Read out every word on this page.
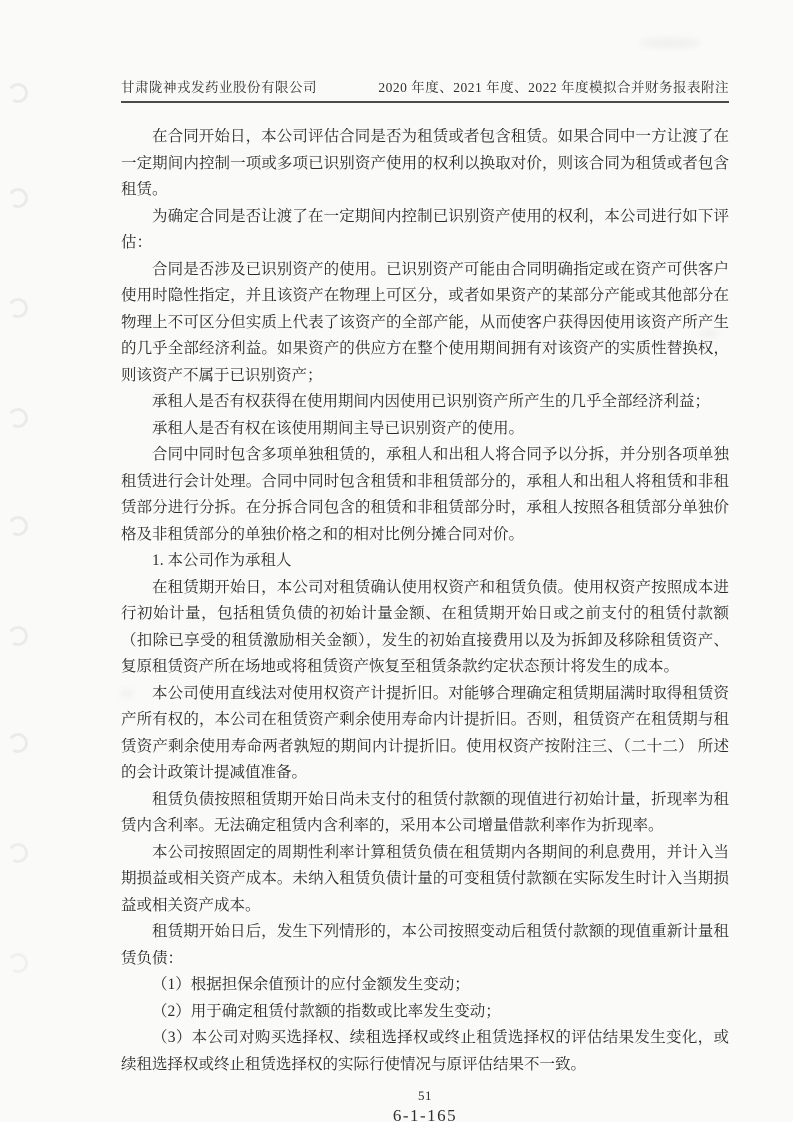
甘肃陇神戎发药业股份有限公司	2020 年度、2021 年度、2022 年度模拟合并财务报表附注

在合同开始日，本公司评估合同是否为租赁或者包含租赁。如果合同中一方让渡了在一定期间内控制一项或多项已识别资产使用的权利以换取对价，则该合同为租赁或者包含租赁。

为确定合同是否让渡了在一定期间内控制已识别资产使用的权利，本公司进行如下评估：

合同是否涉及已识别资产的使用。已识别资产可能由合同明确指定或在资产可供客户使用时隐性指定，并且该资产在物理上可区分，或者如果资产的某部分产能或其他部分在物理上不可区分但实质上代表了该资产的全部产能，从而使客户获得因使用该资产所产生的几乎全部经济利益。如果资产的供应方在整个使用期间拥有对该资产的实质性替换权，则该资产不属于已识别资产；

承租人是否有权获得在使用期间内因使用已识别资产所产生的几乎全部经济利益；

承租人是否有权在该使用期间主导已识别资产的使用。

合同中同时包含多项单独租赁的，承租人和出租人将合同予以分拆，并分别各项单独租赁进行会计处理。合同中同时包含租赁和非租赁部分的，承租人和出租人将租赁和非租赁部分进行分拆。在分拆合同包含的租赁和非租赁部分时，承租人按照各租赁部分单独价格及非租赁部分的单独价格之和的相对比例分摊合同对价。

1. 本公司作为承租人

在租赁期开始日，本公司对租赁确认使用权资产和租赁负债。使用权资产按照成本进行初始计量，包括租赁负债的初始计量金额、在租赁期开始日或之前支付的租赁付款额（扣除已享受的租赁激励相关金额），发生的初始直接费用以及为拆卸及移除租赁资产、复原租赁资产所在场地或将租赁资产恢复至租赁条款约定状态预计将发生的成本。

本公司使用直线法对使用权资产计提折旧。对能够合理确定租赁期届满时取得租赁资产所有权的，本公司在租赁资产剩余使用寿命内计提折旧。否则，租赁资产在租赁期与租赁资产剩余使用寿命两者孰短的期间内计提折旧。使用权资产按附注三、（二十二） 所述的会计政策计提减值准备。

租赁负债按照租赁期开始日尚未支付的租赁付款额的现值进行初始计量，折现率为租赁内含利率。无法确定租赁内含利率的，采用本公司增量借款利率作为折现率。

本公司按照固定的周期性利率计算租赁负债在租赁期内各期间的利息费用，并计入当期损益或相关资产成本。未纳入租赁负债计量的可变租赁付款额在实际发生时计入当期损益或相关资产成本。

租赁期开始日后，发生下列情形的，本公司按照变动后租赁付款额的现值重新计量租赁负债：

（1）根据担保余值预计的应付金额发生变动；

（2）用于确定租赁付款额的指数或比率发生变动；

（3）本公司对购买选择权、续租选择权或终止租赁选择权的评估结果发生变化，或续租选择权或终止租赁选择权的实际行使情况与原评估结果不一致。

51
6-1-165
